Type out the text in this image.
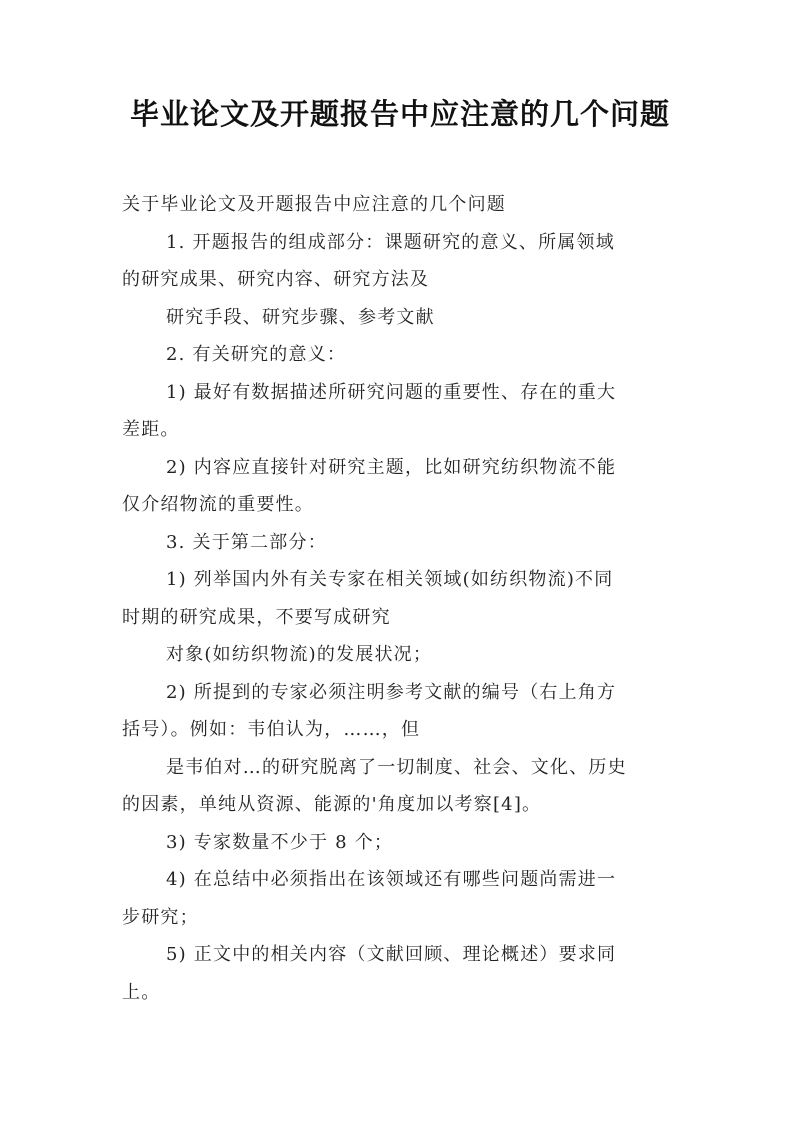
毕业论文及开题报告中应注意的几个问题
关于毕业论文及开题报告中应注意的几个问题
1. 开题报告的组成部分：课题研究的意义、所属领域
的研究成果、研究内容、研究方法及
研究手段、研究步骤、参考文献
2. 有关研究的意义：
1) 最好有数据描述所研究问题的重要性、存在的重大
差距。
2) 内容应直接针对研究主题，比如研究纺织物流不能
仅介绍物流的重要性。
3. 关于第二部分：
1) 列举国内外有关专家在相关领域(如纺织物流)不同
时期的研究成果，不要写成研究
对象(如纺织物流)的发展状况；
2) 所提到的专家必须注明参考文献的编号（右上角方
括号）。例如：韦伯认为，……，但
是韦伯对…的研究脱离了一切制度、社会、文化、历史
的因素，单纯从资源、能源的'角度加以考察[4]。
3) 专家数量不少于 8 个；
4) 在总结中必须指出在该领域还有哪些问题尚需进一
步研究；
5) 正文中的相关内容（文献回顾、理论概述）要求同
上。
